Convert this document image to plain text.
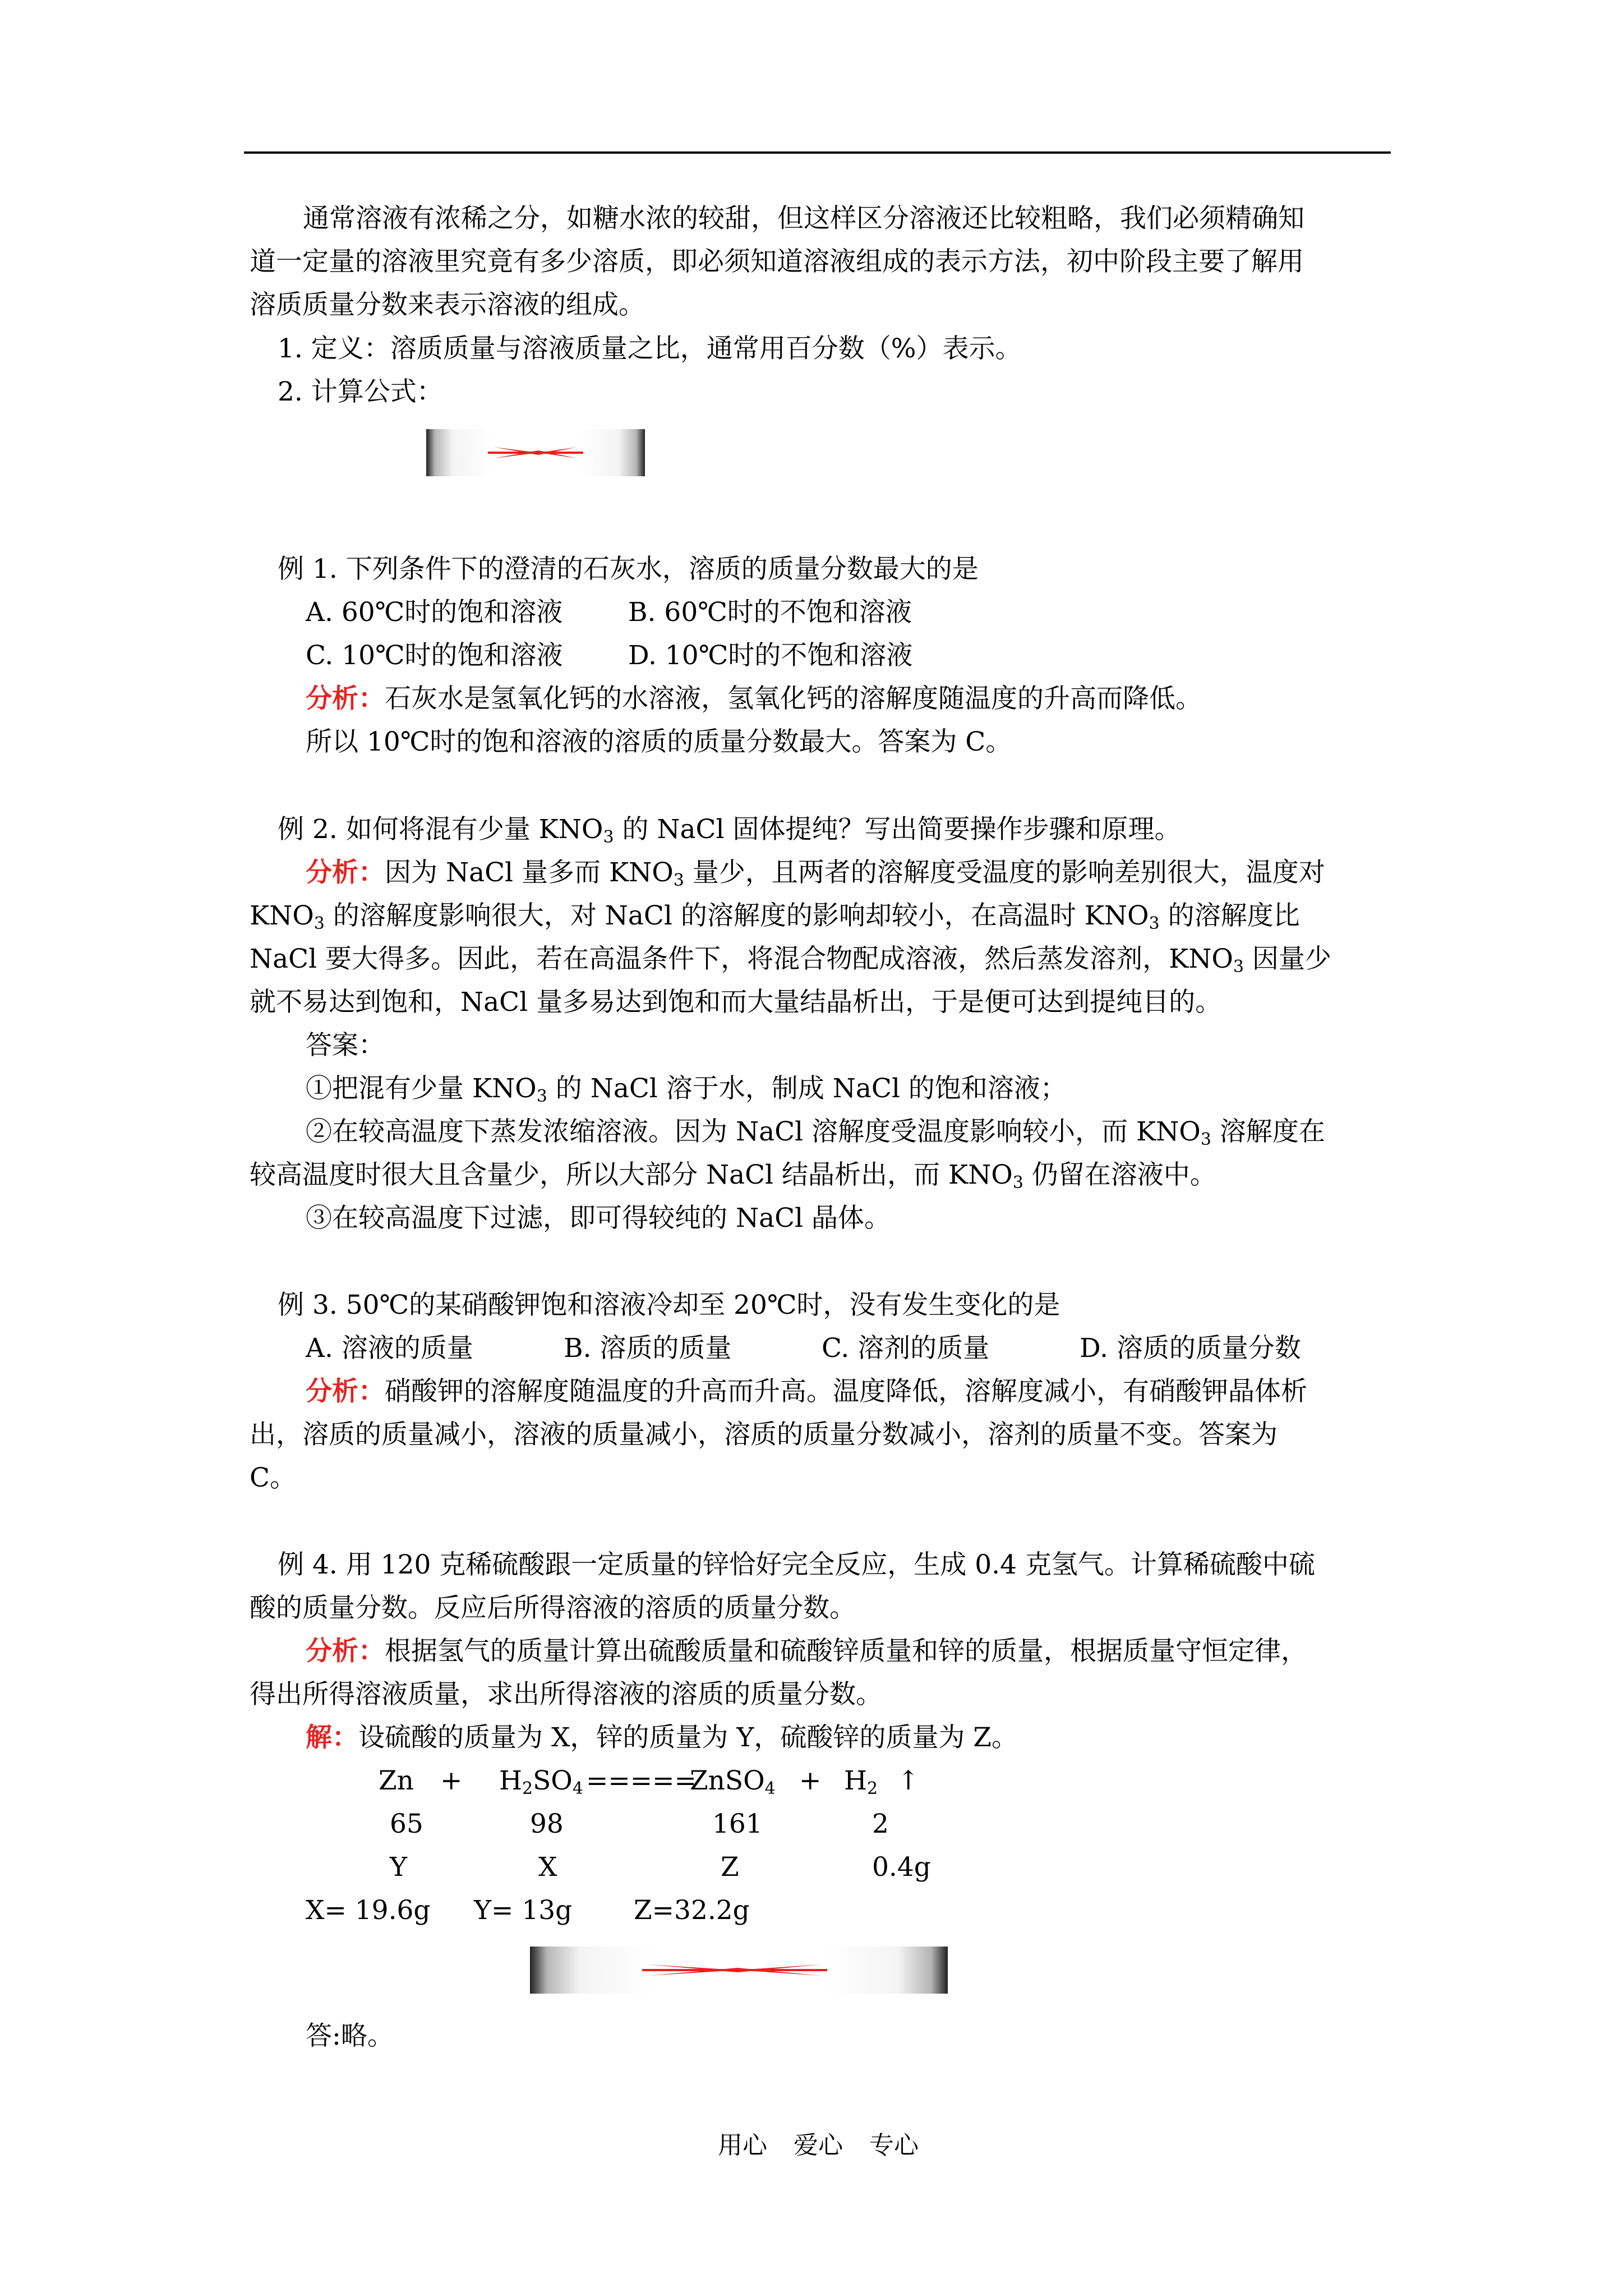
通常溶液有浓稀之分，如糖水浓的较甜，但这样区分溶液还比较粗略，我们必须精确知
道一定量的溶液里究竟有多少溶质，即必须知道溶液组成的表示方法，初中阶段主要了解用
溶质质量分数来表示溶液的组成。
1. 定义：溶质质量与溶液质量之比，通常用百分数（%）表示。
2. 计算公式：
例 1. 下列条件下的澄清的石灰水，溶质的质量分数最大的是
A. 60℃时的饱和溶液 B. 60℃时的不饱和溶液
C. 10℃时的饱和溶液 D. 10℃时的不饱和溶液
分析：石灰水是氢氧化钙的水溶液，氢氧化钙的溶解度随温度的升高而降低。
所以 10℃时的饱和溶液的溶质的质量分数最大。答案为 C。
例 2. 如何将混有少量 $KNO_3$ 的 NaCl 固体提纯？写出简要操作步骤和原理。
分析：因为 NaCl 量多而 $KNO_3$ 量少，且两者的溶解度受温度的影响差别很大，温度对
$KNO_3$ 的溶解度影响很大，对 NaCl 的溶解度的影响却较小，在高温时 $KNO_3$ 的溶解度比
NaCl 要大得多。因此，若在高温条件下，将混合物配成溶液，然后蒸发溶剂，$KNO_3$ 因量少
就不易达到饱和，NaCl 量多易达到饱和而大量结晶析出，于是便可达到提纯目的。
答案：
①把混有少量 $KNO_3$ 的 NaCl 溶于水，制成 NaCl 的饱和溶液；
②在较高温度下蒸发浓缩溶液。因为 NaCl 溶解度受温度影响较小，而 $KNO_3$ 溶解度在
较高温度时很大且含量少，所以大部分 NaCl 结晶析出，而 $KNO_3$ 仍留在溶液中。
③在较高温度下过滤，即可得较纯的 NaCl 晶体。
例 3. 50℃的某硝酸钾饱和溶液冷却至 20℃时，没有发生变化的是
A. 溶液的质量	B. 溶质的质量	C. 溶剂的质量	D. 溶质的质量分数
分析：硝酸钾的溶解度随温度的升高而升高。温度降低，溶解度减小，有硝酸钾晶体析
出，溶质的质量减小，溶液的质量减小，溶质的质量分数减小，溶剂的质量不变。答案为
C。
例 4. 用 120 克稀硫酸跟一定质量的锌恰好完全反应，生成 0.4 克氢气。计算稀硫酸中硫
酸的质量分数。反应后所得溶液的溶质的质量分数。
分析：根据氢气的质量计算出硫酸质量和硫酸锌质量和锌的质量，根据质量守恒定律，
得出所得溶液质量，求出所得溶液的溶质的质量分数。
解：设硫酸的质量为 X，锌的质量为 Y，硫酸锌的质量为 Z。
$Zn + H_2SO_4$ =====
ZnSO$_4$ + $H_2$ ↑
65	98	161	2
Y	X	Z	0.4g
X= 19.6g Y= 13g Z=32.2g
答:略。
用心 爱心 专心
